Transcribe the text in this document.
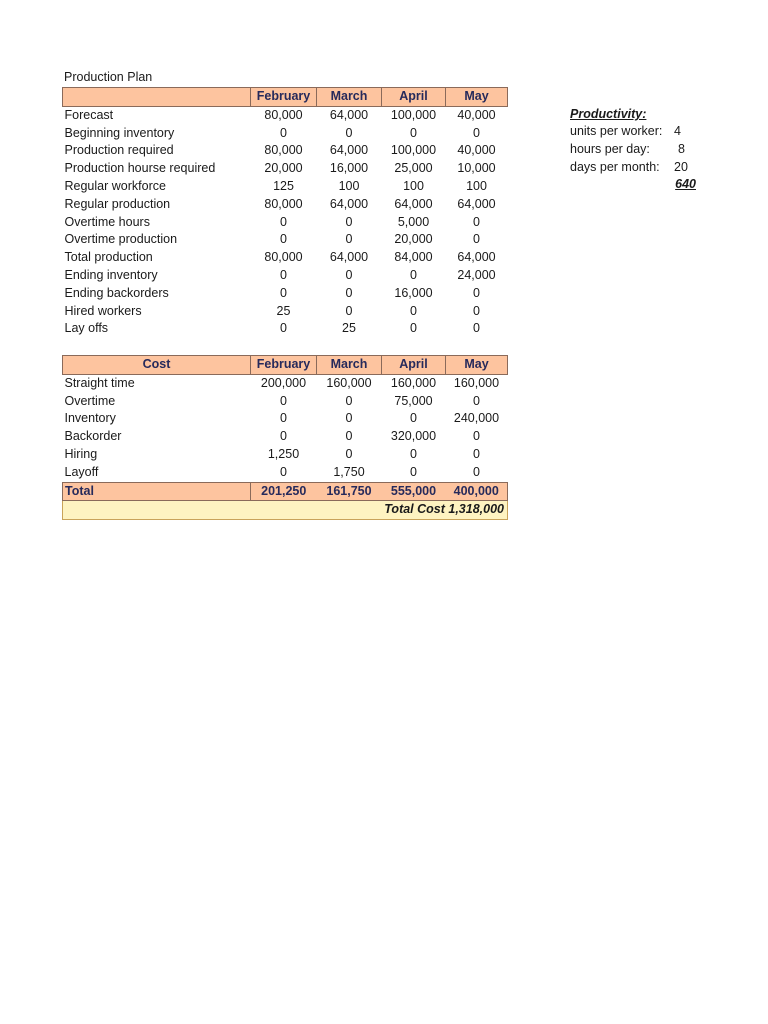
Production Plan
	February	March	April	May
Forecast	80,000	64,000	100,000	40,000
Beginning inventory	0	0	0	0
Production required	80,000	64,000	100,000	40,000
Production hourse required	20,000	16,000	25,000	10,000
Regular workforce	125	100	100	100
Regular production	80,000	64,000	64,000	64,000
Overtime hours	0	0	5,000	0
Overtime production	0	0	20,000	0
Total production	80,000	64,000	84,000	64,000
Ending inventory	0	0	0	24,000
Ending backorders	0	0	16,000	0
Hired workers	25	0	0	0
Lay offs	0	25	0	0
Cost	February	March	April	May
Straight time	200,000	160,000	160,000	160,000
Overtime	0	0	75,000	0
Inventory	0	0	0	240,000
Backorder	0	0	320,000	0
Hiring	1,250	0	0	0
Layoff	0	1,750	0	0
Total	201,250	161,750	555,000	400,000
Total Cost 1,318,000				
Productivity:
units per worker: 4
hours per day: 8
days per month: 20
640
